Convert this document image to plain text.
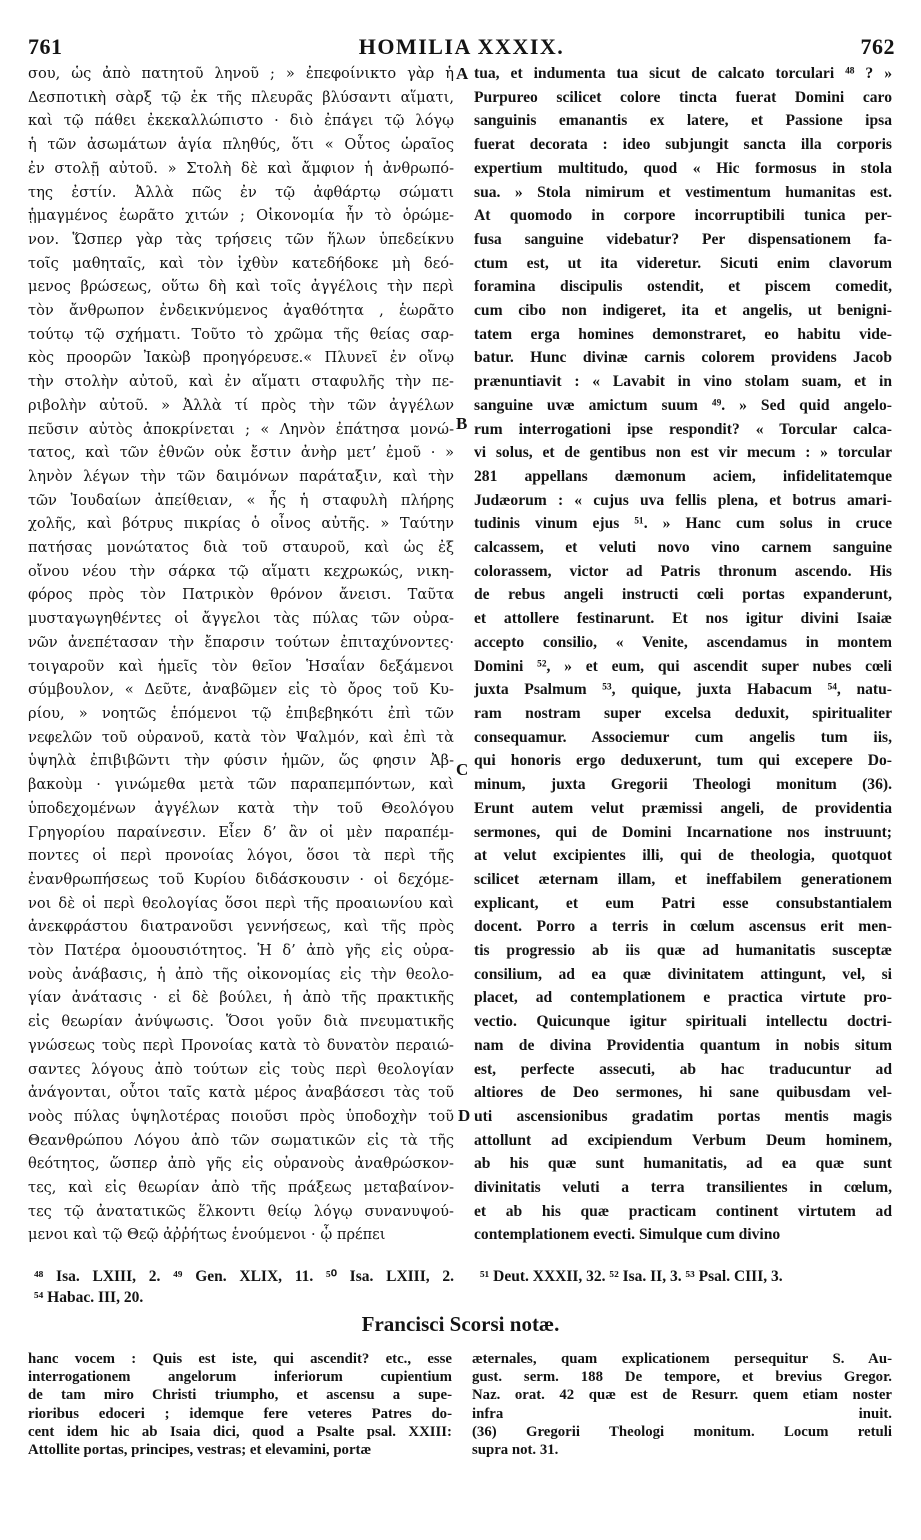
761	HOMILIA XXXIX.	762
σου, ὡς ἀπὸ πατητοῦ ληνοῦ ; » ἐπεφοίνικτο γὰρ ἡ
Δεσποτικὴ σὰρξ τῷ ἐκ τῆς πλευρᾶς βλύσαντι αἵματι,
καὶ τῷ πάθει ἐκεκαλλώπιστο · διὸ ἐπάγει τῷ λόγῳ
ἡ τῶν ἀσωμάτων ἁγία πληθύς, ὅτι « Οὗτος ὡραῖος
ἐν στολῇ αὐτοῦ. » Στολὴ δὲ καὶ ἄμφιον ἡ ἀνθρωπό-
της ἐστίν. Ἀλλὰ πῶς ἐν τῷ ἀφθάρτῳ σώματι
ᾑμαγμένος ἑωρᾶτο χιτών ; Οἰκονομία ἦν τὸ ὁρώμε-
νον. Ὥσπερ γὰρ τὰς τρήσεις τῶν ἥλων ὑπεδείκνυ
τοῖς μαθηταῖς, καὶ τὸν ἰχθὺν κατεδήδοκε μὴ δεό-
μενος βρώσεως, οὕτω δὴ καὶ τοῖς ἀγγέλοις τὴν περὶ
τὸν ἄνθρωπον ἐνδεικνύμενος ἀγαθότητα , ἑωρᾶτο
τούτῳ τῷ σχήματι. Τοῦτο τὸ χρῶμα τῆς θείας σαρ-
κὸς προορῶν Ἰακὼβ προηγόρευσε.« Πλυνεῖ ἐν οἴνῳ
τὴν στολὴν αὐτοῦ, καὶ ἐν αἵματι σταφυλῆς τὴν πε-
ριβολὴν αὐτοῦ. » Ἀλλὰ τί πρὸς τὴν τῶν ἀγγέλων
πεῦσιν αὐτὸς ἀποκρίνεται ; « Ληνὸν ἐπάτησα μονώ-
τατος, καὶ τῶν ἐθνῶν οὐκ ἔστιν ἀνὴρ μετ’ ἐμοῦ · »
ληνὸν λέγων τὴν τῶν δαιμόνων παράταξιν, καὶ τὴν
τῶν Ἰουδαίων ἀπείθειαν, « ἧς ἡ σταφυλὴ πλήρης
χολῆς, καὶ βότρυς πικρίας ὁ οἶνος αὐτῆς. » Ταύτην
πατήσας μονώτατος διὰ τοῦ σταυροῦ, καὶ ὡς ἐξ
οἴνου νέου τὴν σάρκα τῷ αἵματι κεχρωκώς, νικη-
φόρος πρὸς τὸν Πατρικὸν θρόνον ἄνεισι. Ταῦτα
μυσταγωγηθέντες οἱ ἄγγελοι τὰς πύλας τῶν οὐρα-
νῶν ἀνεπέτασαν τὴν ἔπαρσιν τούτων ἐπιταχύνοντες·
τοιγαροῦν καὶ ἡμεῖς τὸν θεῖον Ἡσαΐαν δεξάμενοι
σύμβουλον, « Δεῦτε, ἀναβῶμεν εἰς τὸ ὄρος τοῦ Κυ-
ρίου, » νοητῶς ἑπόμενοι τῷ ἐπιβεβηκότι ἐπὶ τῶν
νεφελῶν τοῦ οὐρανοῦ, κατὰ τὸν Ψαλμόν, καὶ ἐπὶ τὰ
ὑψηλὰ ἐπιβιβῶντι τὴν φύσιν ἡμῶν, ὥς φησιν Ἀβ-
βακοὺμ · γινώμεθα μετὰ τῶν παραπεμπόντων, καὶ
ὑποδεχομένων ἀγγέλων κατὰ τὴν τοῦ Θεολόγου
Γρηγορίου παραίνεσιν. Εἶεν δ’ ἂν οἱ μὲν παραπέμ-
ποντες οἱ περὶ προνοίας λόγοι, ὅσοι τὰ περὶ τῆς
ἐνανθρωπήσεως τοῦ Κυρίου διδάσκουσιν · οἱ δεχόμε-
νοι δὲ οἱ περὶ θεολογίας ὅσοι περὶ τῆς προαιωνίου καὶ
ἀνεκφράστου διατρανοῦσι γεννήσεως, καὶ τῆς πρὸς
τὸν Πατέρα ὁμοουσιότητος. Ἡ δ’ ἀπὸ γῆς εἰς οὐρα-
νοὺς ἀνάβασις, ἡ ἀπὸ τῆς οἰκονομίας εἰς τὴν θεολο-
γίαν ἀνάτασις · εἰ δὲ βούλει, ἡ ἀπὸ τῆς πρακτικῆς
εἰς θεωρίαν ἀνύψωσις. Ὅσοι γοῦν διὰ πνευματικῆς
γνώσεως τοὺς περὶ Προνοίας κατὰ τὸ δυνατὸν περαιώ-
σαντες λόγους ἀπὸ τούτων εἰς τοὺς περὶ θεολογίαν
ἀνάγονται, οὗτοι ταῖς κατὰ μέρος ἀναβάσεσι τὰς τοῦ
νοὸς πύλας ὑψηλοτέρας ποιοῦσι πρὸς ὑποδοχὴν τοῦ
Θεανθρώπου Λόγου ἀπὸ τῶν σωματικῶν εἰς τὰ τῆς
θεότητος, ὥσπερ ἀπὸ γῆς εἰς οὐρανοὺς ἀναθρώσκον-
τες, καὶ εἰς θεωρίαν ἀπὸ τῆς πράξεως μεταβαίνον-
τες τῷ ἀνατατικῶς ἕλκοντι θείῳ λόγῳ συνανυψού-
μενοι καὶ τῷ Θεῷ ἀῤῥήτως ἑνούμενοι · ᾧ πρέπει
tua, et indumenta tua sicut de calcato torculari ⁴⁸ ? »
Purpureo scilicet colore tincta fuerat Domini caro
sanguinis emanantis ex latere, et Passione ipsa
fuerat decorata : ideo subjungit sancta illa corporis
expertium multitudo, quod « Hic formosus in stola
sua. » Stola nimirum et vestimentum humanitas est.
At quomodo in corpore incorruptibili tunica per-
fusa sanguine videbatur? Per dispensationem fa-
ctum est, ut ita videretur. Sicuti enim clavorum
foramina discipulis ostendit, et piscem comedit,
cum cibo non indigeret, ita et angelis, ut benigni-
tatem erga homines demonstraret, eo habitu vide-
batur. Hunc divinæ carnis colorem providens Jacob
prænuntiavit : « Lavabit in vino stolam suam, et in
sanguine uvæ amictum suum ⁴⁹. » Sed quid angelo-
rum interrogationi ipse respondit? « Torcular calca-
vi solus, et de gentibus non est vir mecum : » torcular
281 appellans dæmonum aciem, infidelitatemque
Judæorum : « cujus uva fellis plena, et botrus amari-
tudinis vinum ejus ⁵¹. » Hanc cum solus in cruce
calcassem, et veluti novo vino carnem sanguine
colorassem, victor ad Patris thronum ascendo. His
de rebus angeli instructi cœli portas expanderunt,
et attollere festinarunt. Et nos igitur divini Isaiæ
accepto consilio, « Venite, ascendamus in montem
Domini ⁵², » et eum, qui ascendit super nubes cœli
juxta Psalmum ⁵³, quique, juxta Habacum ⁵⁴, natu-
ram nostram super excelsa deduxit, spiritualiter
consequamur. Associemur cum angelis tum iis,
qui honoris ergo deduxerunt, tum qui excepere Do-
minum, juxta Gregorii Theologi monitum (36).
Erunt autem velut præmissi angeli, de providentia
sermones, qui de Domini Incarnatione nos instruunt;
at velut excipientes illi, qui de theologia, quotquot
scilicet æternam illam, et ineffabilem generationem
explicant, et eum Patri esse consubstantialem
docent. Porro a terris in cœlum ascensus erit men-
tis progressio ab iis quæ ad humanitatis susceptæ
consilium, ad ea quæ divinitatem attingunt, vel, si
placet, ad contemplationem e practica virtute pro-
vectio. Quicunque igitur spirituali intellectu doctri-
nam de divina Providentia quantum in nobis situm
est, perfecte assecuti, ab hac traducuntur ad
altiores de Deo sermones, hi sane quibusdam vel-
uti ascensionibus gradatim portas mentis magis
attollunt ad excipiendum Verbum Deum hominem,
ab his quæ sunt humanitatis, ad ea quæ sunt
divinitatis veluti a terra transilientes in cœlum,
et ab his quæ practicam continent virtutem ad
contemplationem evecti. Simulque cum divino
A
B
C
D
⁴⁸ Isa. LXIII, 2. ⁴⁹ Gen. XLIX, 11. ⁵⁰ Isa. LXIII, 2.
⁵⁴ Habac. III, 20.
⁵¹ Deut. XXXII, 32. ⁵² Isa. II, 3. ⁵³ Psal. CIII, 3.
Francisci Scorsi notæ.
hanc vocem : Quis est iste, qui ascendit? etc., esse
interrogationem angelorum inferiorum cupientium
de tam miro Christi triumpho, et ascensu a supe-
rioribus edoceri ; idemque fere veteres Patres do-
cent idem hic ab Isaia dici, quod a Psalte psal. XXIII:
Attollite portas, principes, vestras; et elevamini, portæ
æternales, quam explicationem persequitur S. Au-
gust. serm. 188 De tempore, et brevius Gregor.
Naz. orat. 42 quæ est de Resurr. quem etiam noster
infra inuit.
(36) Gregorii Theologi monitum. Locum retuli
supra not. 31.
